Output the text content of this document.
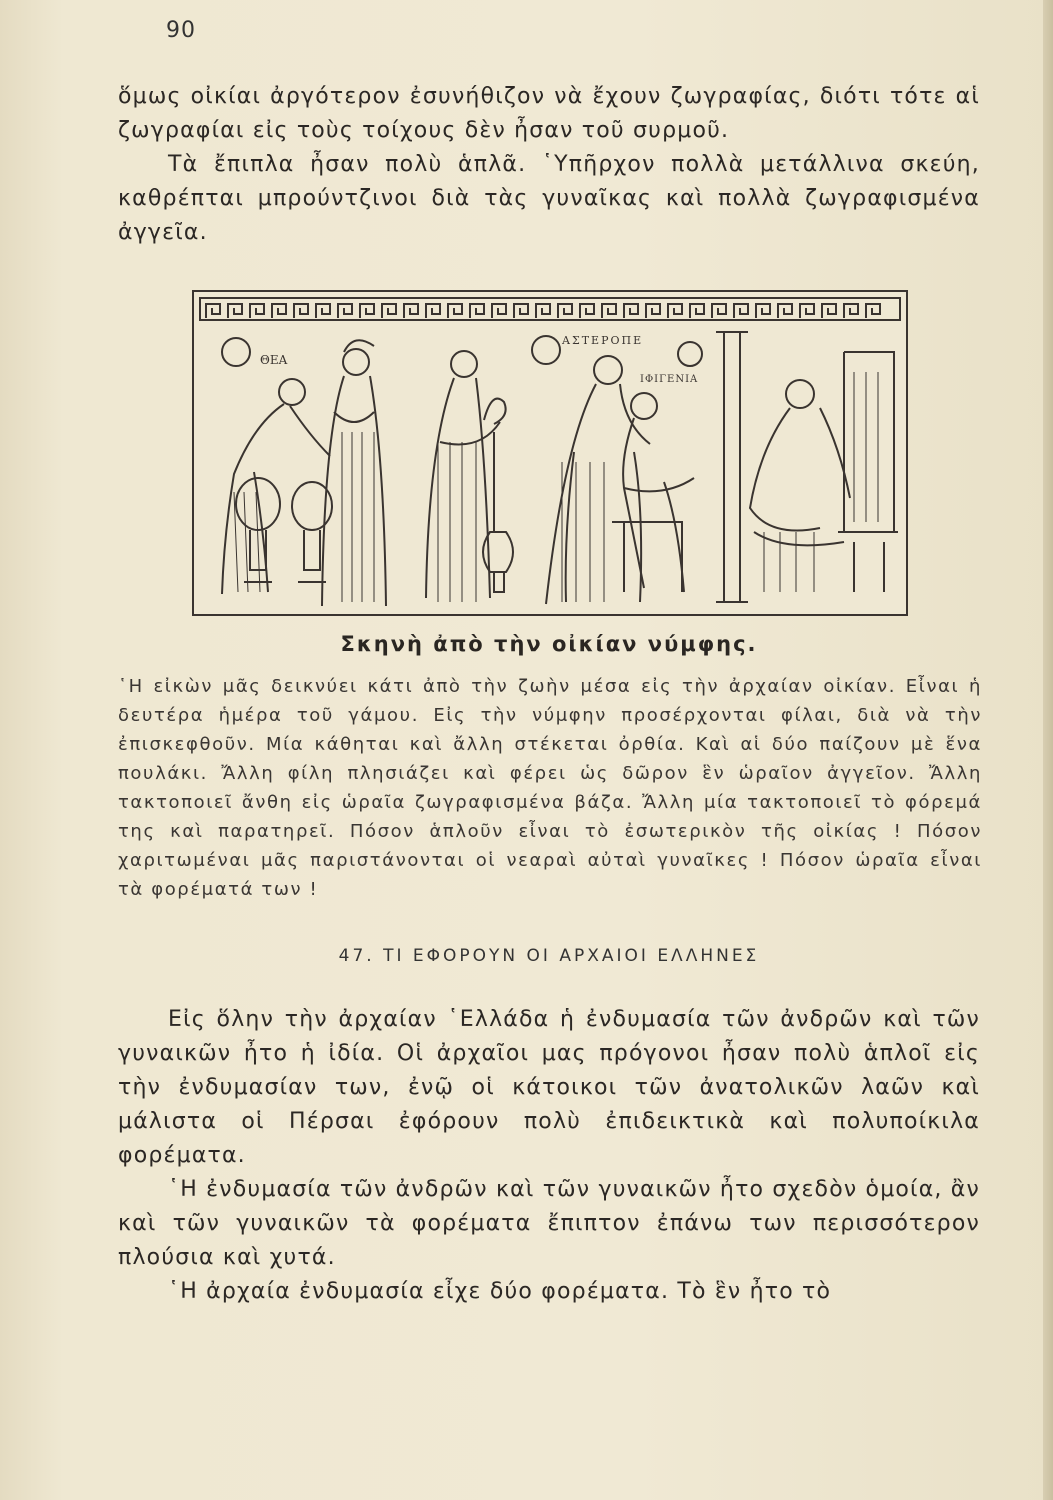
90

ὅμως οἰκίαι ἀργότερον ἐσυνήθιζον νὰ ἔχουν ζωγραφίας, διότι τότε αἱ ζωγραφίαι εἰς τοὺς τοίχους δὲν ἦσαν τοῦ συρμοῦ.

Τὰ ἔπιπλα ἦσαν πολὺ ἁπλᾶ. ῾Υπῆρχον πολλὰ μετάλλινα σκεύη, καθρέπται μπρούντζινοι διὰ τὰς γυναῖκας καὶ πολλὰ ζωγραφισμένα ἀγγεῖα.

ΘΕΑ
ΑΣΤΕΡΟΠΕ
ΙΦΙΓΕΝΙΑ
Σκηνὴ ἀπὸ τὴν οἰκίαν νύμφης.

῾Η εἰκὼν μᾶς δεικνύει κάτι ἀπὸ τὴν ζωὴν μέσα εἰς τὴν ἀρχαίαν οἰκίαν. Εἶναι ἡ δευτέρα ἡμέρα τοῦ γάμου. Εἰς τὴν νύμφην προσέρχονται φίλαι, διὰ νὰ τὴν ἐπισκεφθοῦν. Μία κάθηται καὶ ἄλλη στέκεται ὀρθία. Καὶ αἱ δύο παίζουν μὲ ἕνα πουλάκι. Ἄλλη φίλη πλησιάζει καὶ φέρει ὡς δῶρον ἓν ὡραῖον ἀγγεῖον. Ἄλλη τακτοποιεῖ ἄνθη εἰς ὡραῖα ζωγραφισμένα βάζα. Ἄλλη μία τακτοποιεῖ τὸ φόρεμά της καὶ παρατηρεῖ. Πόσον ἁπλοῦν εἶναι τὸ ἐσωτερικὸν τῆς οἰκίας ! Πόσον χαριτωμέναι μᾶς παριστάνονται οἱ νεαραὶ αὐταὶ γυναῖκες ! Πόσον ὡραῖα εἶναι τὰ φορέματά των !

47. ΤΙ ΕΦΟΡΟΥΝ ΟΙ ΑΡΧΑΙΟΙ ΕΛΛΗΝΕΣ

Εἰς ὅλην τὴν ἀρχαίαν ῾Ελλάδα ἡ ἐνδυμασία τῶν ἀνδρῶν καὶ τῶν γυναικῶν ἦτο ἡ ἰδία. Οἱ ἀρχαῖοι μας πρόγονοι ἦσαν πολὺ ἁπλοῖ εἰς τὴν ἐνδυμασίαν των, ἐνῷ οἱ κάτοικοι τῶν ἀνατολικῶν λαῶν καὶ μάλιστα οἱ Πέρσαι ἐφόρουν πολὺ ἐπιδεικτικὰ καὶ πολυποίκιλα φορέματα.

῾Η ἐνδυμασία τῶν ἀνδρῶν καὶ τῶν γυναικῶν ἦτο σχεδὸν ὁμοία, ἂν καὶ τῶν γυναικῶν τὰ φορέματα ἔπιπτον ἐπάνω των περισσότερον πλούσια καὶ χυτά.

῾Η ἀρχαία ἐνδυμασία εἶχε δύο φορέματα. Τὸ ἓν ἦτο τὸ
